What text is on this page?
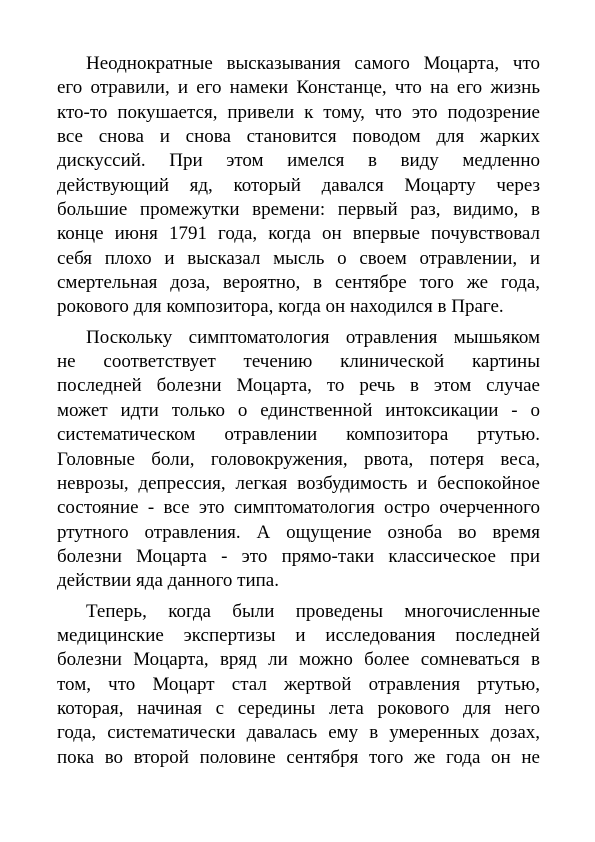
Неоднократные высказывания самого Моцарта, что
его отравили, и его намеки Констанце, что на его жизнь
кто-то покушается, привели к тому, что это подозрение
все снова и снова становится поводом для жарких
дискуссий. При этом имелся в виду медленно
действующий яд, который давался Моцарту через
большие промежутки времени: первый раз, видимо, в
конце июня 1791 года, когда он впервые почувствовал
себя плохо и высказал мысль о своем отравлении, и
смертельная доза, вероятно, в сентябре того же года,
рокового для композитора, когда он находился в Праге.
Поскольку симптоматология отравления мышьяком
не соответствует течению клинической картины
последней болезни Моцарта, то речь в этом случае
может идти только о единственной интоксикации - о
систематическом отравлении композитора ртутью.
Головные боли, головокружения, рвота, потеря веса,
неврозы, депрессия, легкая возбудимость и беспокойное
состояние - все это симптоматология остро очерченного
ртутного отравления. А ощущение озноба во время
болезни Моцарта - это прямо-таки классическое при
действии яда данного типа.
Теперь, когда были проведены многочисленные
медицинские экспертизы и исследования последней
болезни Моцарта, вряд ли можно более сомневаться в
том, что Моцарт стал жертвой отравления ртутью,
которая, начиная с середины лета рокового для него
года, систематически давалась ему в умеренных дозах,
пока во второй половине сентября того же года он не
